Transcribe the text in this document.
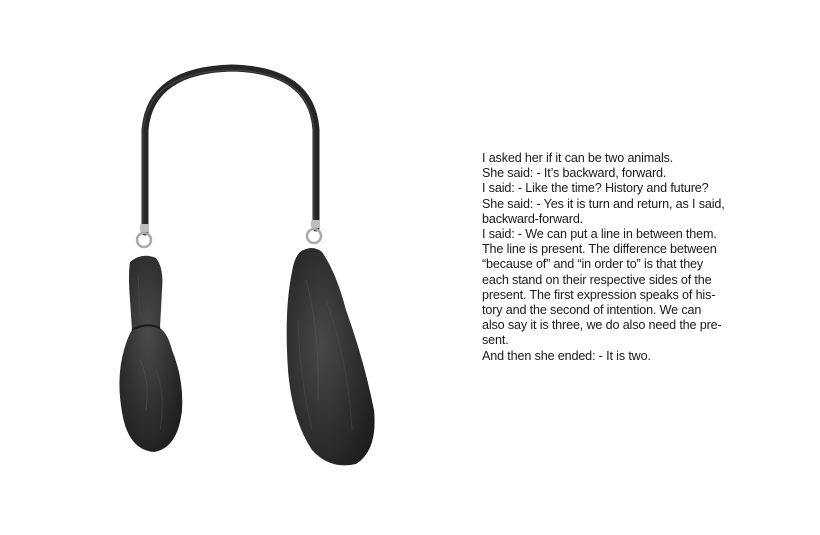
I asked her if it can be two animals.
She said: - It’s backward, forward.
I said: - Like the time? History and future?
She said: - Yes it is turn and return, as I said,
backward-forward.
I said: - We can put a line in between them.
The line is present. The difference between
“because of” and “in order to” is that they
each stand on their respective sides of the
present. The first expression speaks of his-
tory and the second of intention. We can
also say it is three, we do also need the pre-
sent.
And then she ended: - It is two.
